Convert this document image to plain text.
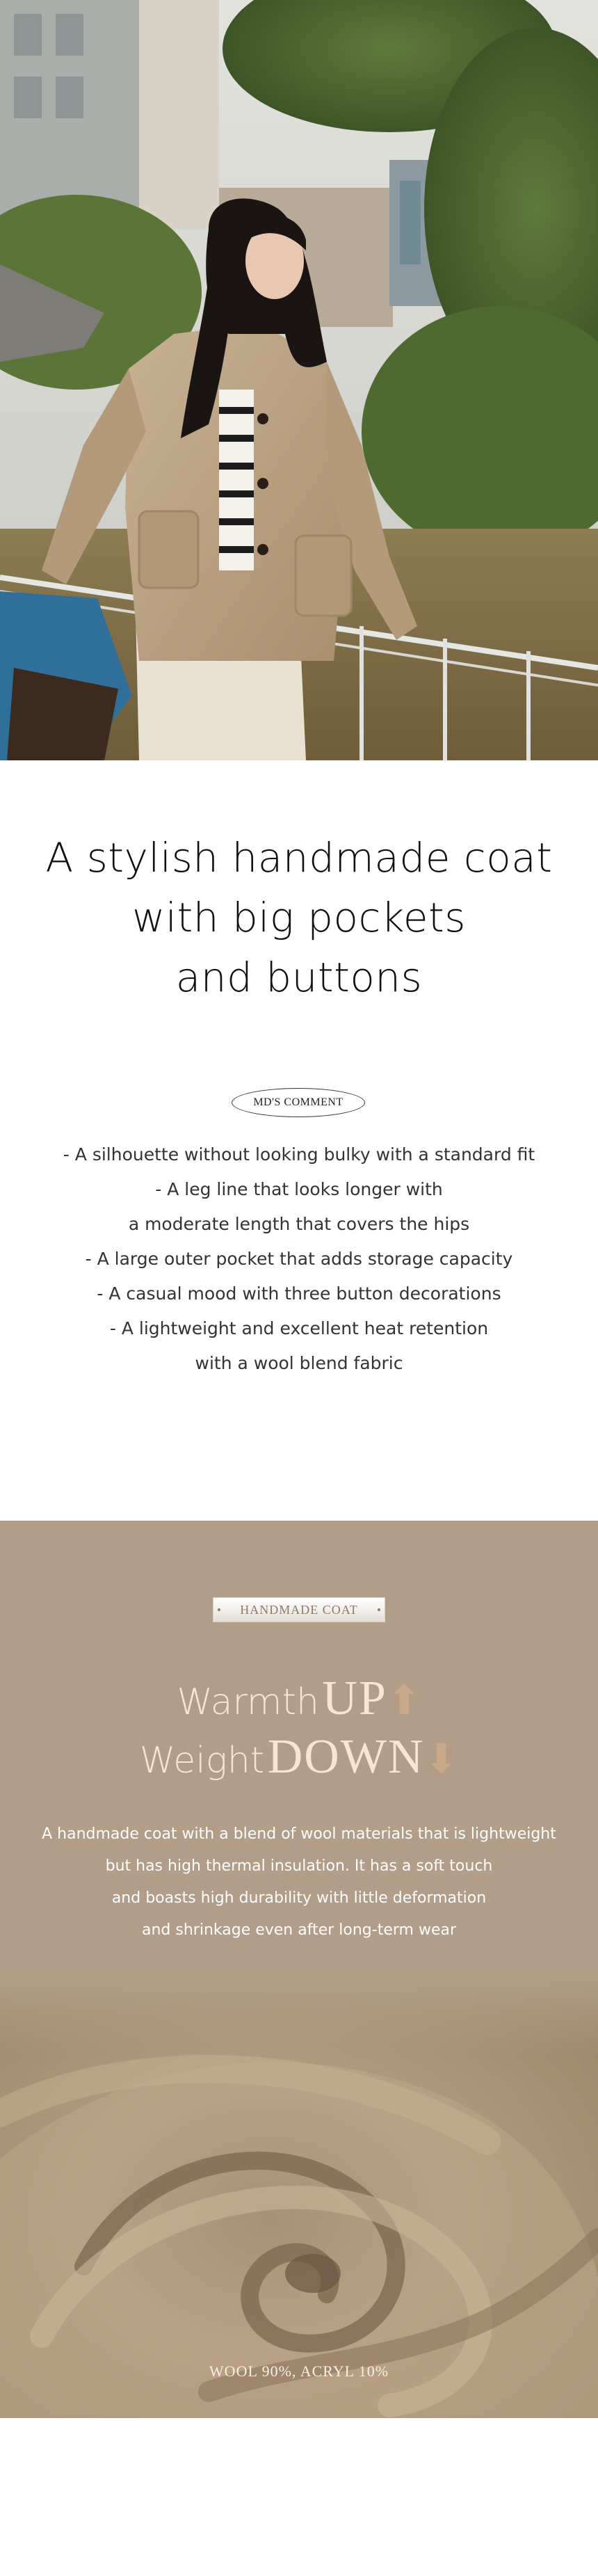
A stylish handmade coat
with big pockets
and buttons
MD'S COMMENT
- A silhouette without looking bulky with a standard fit
- A leg line that looks longer with
a moderate length that covers the hips
- A large outer pocket that adds storage capacity
- A casual mood with three button decorations
- A lightweight and excellent heat retention
with a wool blend fabric
HANDMADE COAT
Warmth UP⬆
Weight DOWN⬇
A handmade coat with a blend of wool materials that is lightweight
but has high thermal insulation. It has a soft touch
and boasts high durability with little deformation
and shrinkage even after long-term wear
WOOL 90%, ACRYL 10%
